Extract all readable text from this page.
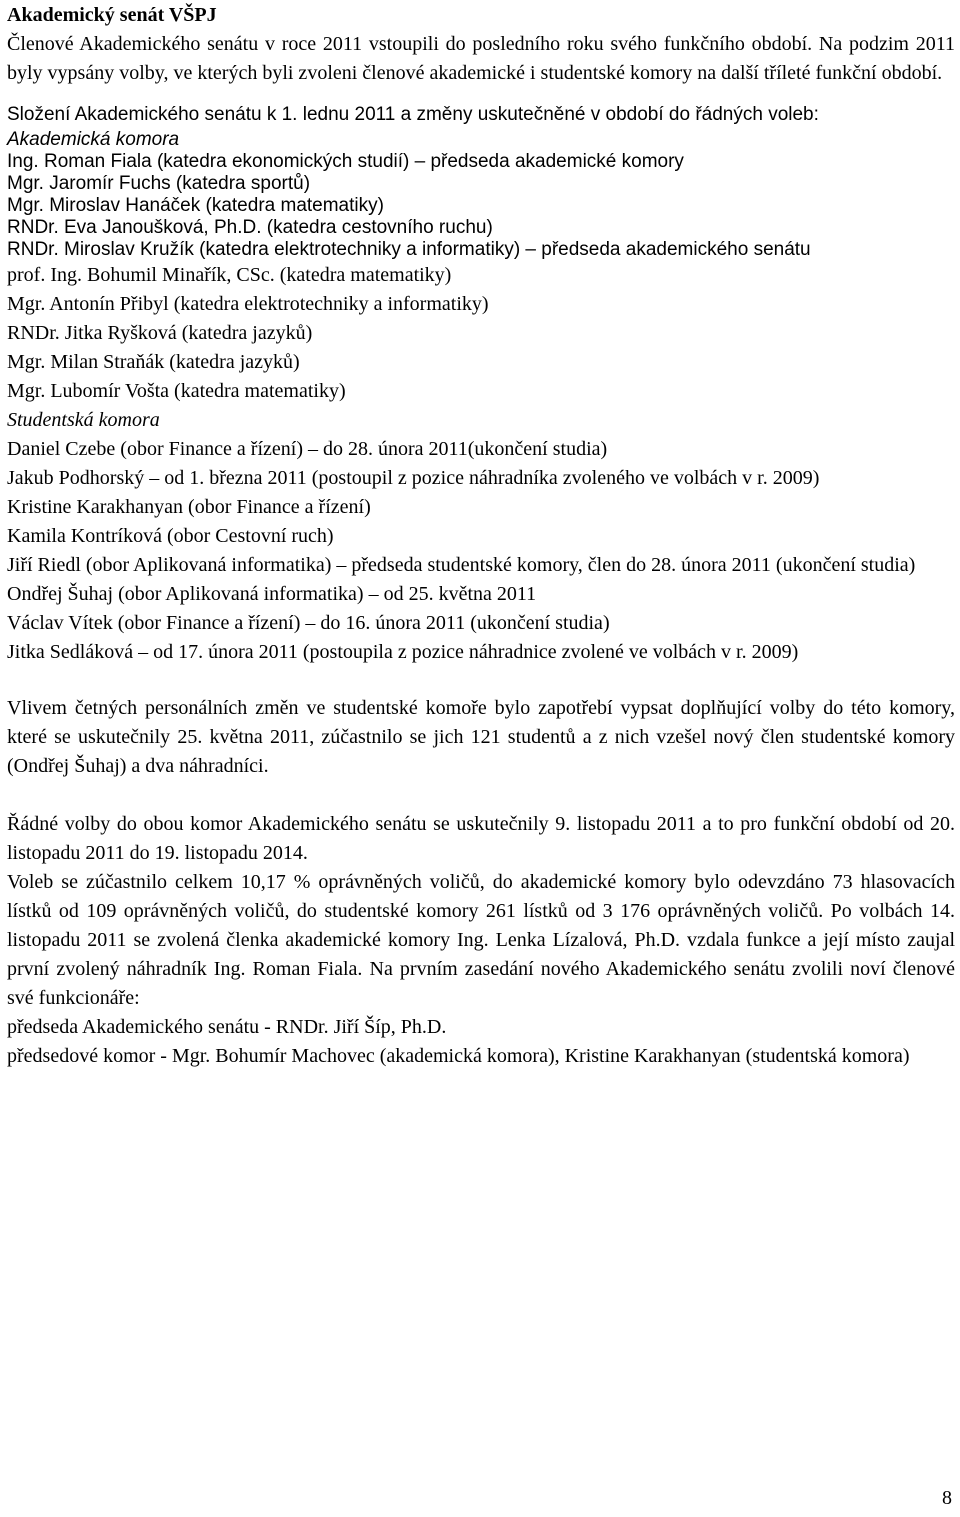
Akademický senát VŠPJ

Členové Akademického senátu v roce 2011 vstoupili do posledního roku svého funkčního období. Na podzim 2011 byly vypsány volby, ve kterých byli zvoleni členové akademické i studentské komory na další tříleté funkční období.

Složení Akademického senátu k 1. lednu 2011 a změny uskutečněné v období do řádných voleb:

Akademická komora
Ing. Roman Fiala (katedra ekonomických studií) – předseda akademické komory
Mgr. Jaromír Fuchs (katedra sportů)
Mgr. Miroslav Hanáček (katedra matematiky)
RNDr. Eva Janoušková, Ph.D. (katedra cestovního ruchu)
RNDr. Miroslav Kružík (katedra elektrotechniky a informatiky) – předseda akademického senátu
prof. Ing. Bohumil Minařík, CSc. (katedra matematiky)
Mgr. Antonín Přibyl (katedra elektrotechniky a informatiky)
RNDr. Jitka Ryšková (katedra jazyků)
Mgr. Milan Straňák (katedra jazyků)
Mgr. Lubomír Vošta (katedra matematiky)
Studentská komora
Daniel Czebe (obor Finance a řízení) – do 28. února 2011(ukončení studia)
Jakub Podhorský – od 1. března 2011 (postoupil z pozice náhradníka zvoleného ve volbách v r. 2009)
Kristine Karakhanyan (obor Finance a řízení)
Kamila Kontríková (obor Cestovní ruch)
Jiří Riedl (obor Aplikovaná informatika) – předseda studentské komory, člen do 28. února 2011 (ukončení studia)
Ondřej Šuhaj (obor Aplikovaná informatika) – od 25. května 2011
Václav Vítek (obor Finance a řízení) – do 16. února 2011 (ukončení studia)
Jitka Sedláková – od 17. února 2011 (postoupila z pozice náhradnice zvolené ve volbách v r. 2009)

Vlivem četných personálních změn ve studentské komoře bylo zapotřebí vypsat doplňující volby do této komory, které se uskutečnily 25. května 2011, zúčastnilo se jich 121 studentů a z nich vzešel nový člen studentské komory (Ondřej Šuhaj) a dva náhradníci.

Řádné volby do obou komor Akademického senátu se uskutečnily 9. listopadu 2011 a to pro funkční období od 20. listopadu 2011 do 19. listopadu 2014.

Voleb se zúčastnilo celkem 10,17 % oprávněných voličů, do akademické komory bylo odevzdáno 73 hlasovacích lístků od 109 oprávněných voličů, do studentské komory 261 lístků od 3 176 oprávněných voličů. Po volbách 14. listopadu 2011 se zvolená členka akademické komory Ing. Lenka Lízalová, Ph.D. vzdala funkce a její místo zaujal první zvolený náhradník Ing. Roman Fiala. Na prvním zasedání nového Akademického senátu zvolili noví členové své funkcionáře:

předseda Akademického senátu - RNDr. Jiří Šíp, Ph.D.

předsedové komor - Mgr. Bohumír Machovec (akademická komora), Kristine Karakhanyan (studentská komora)

8
